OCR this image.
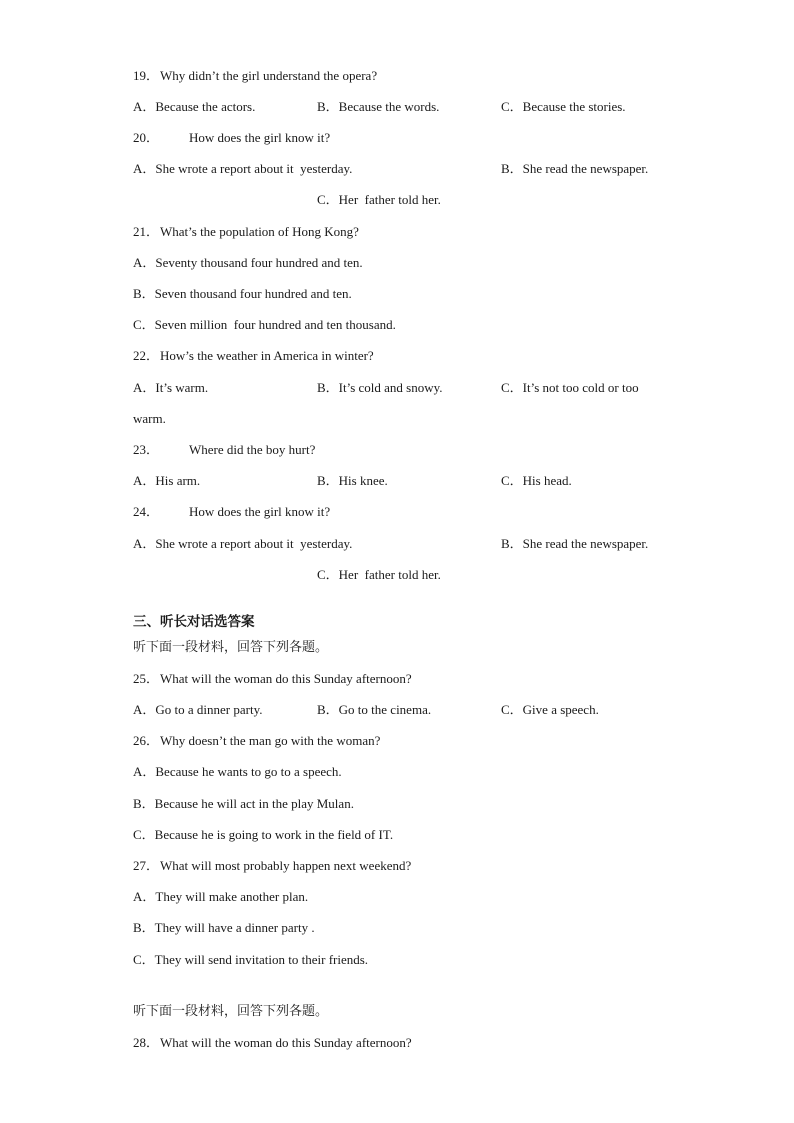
19． Why didn’t the girl understand the opera?
A．Because the actors.	B．Because the words.	C．Because the stories.
20． How does the girl know it?
A．She wrote a report about it  yesterday.	B．She read the newspaper.
C．Her  father told her.
21． What’s the population of Hong Kong?
A．Seventy thousand four hundred and ten.
B．Seven thousand four hundred and ten.
C．Seven million  four hundred and ten thousand.
22． How’s the weather in America in winter?
A．It’s warm.	B．It’s cold and snowy.	C．It’s not too cold or too
warm.
23． Where did the boy hurt?
A．His arm.	B．His knee.	C．His head.
24． How does the girl know it?
A．She wrote a report about it  yesterday.	B．She read the newspaper.
C．Her  father told her.
三、听长对话选答案
听下面一段材料，回答下列各题。
25． What will the woman do this Sunday afternoon?
A．Go to a dinner party.	B．Go to the cinema.	C．Give a speech.
26． Why doesn’t the man go with the woman?
A．Because he wants to go to a speech.
B．Because he will act in the play Mulan.
C．Because he is going to work in the field of IT.
27． What will most probably happen next weekend?
A．They will make another plan.
B．They will have a dinner party .
C．They will send invitation to their friends.
听下面一段材料，回答下列各题。
28． What will the woman do this Sunday afternoon?
